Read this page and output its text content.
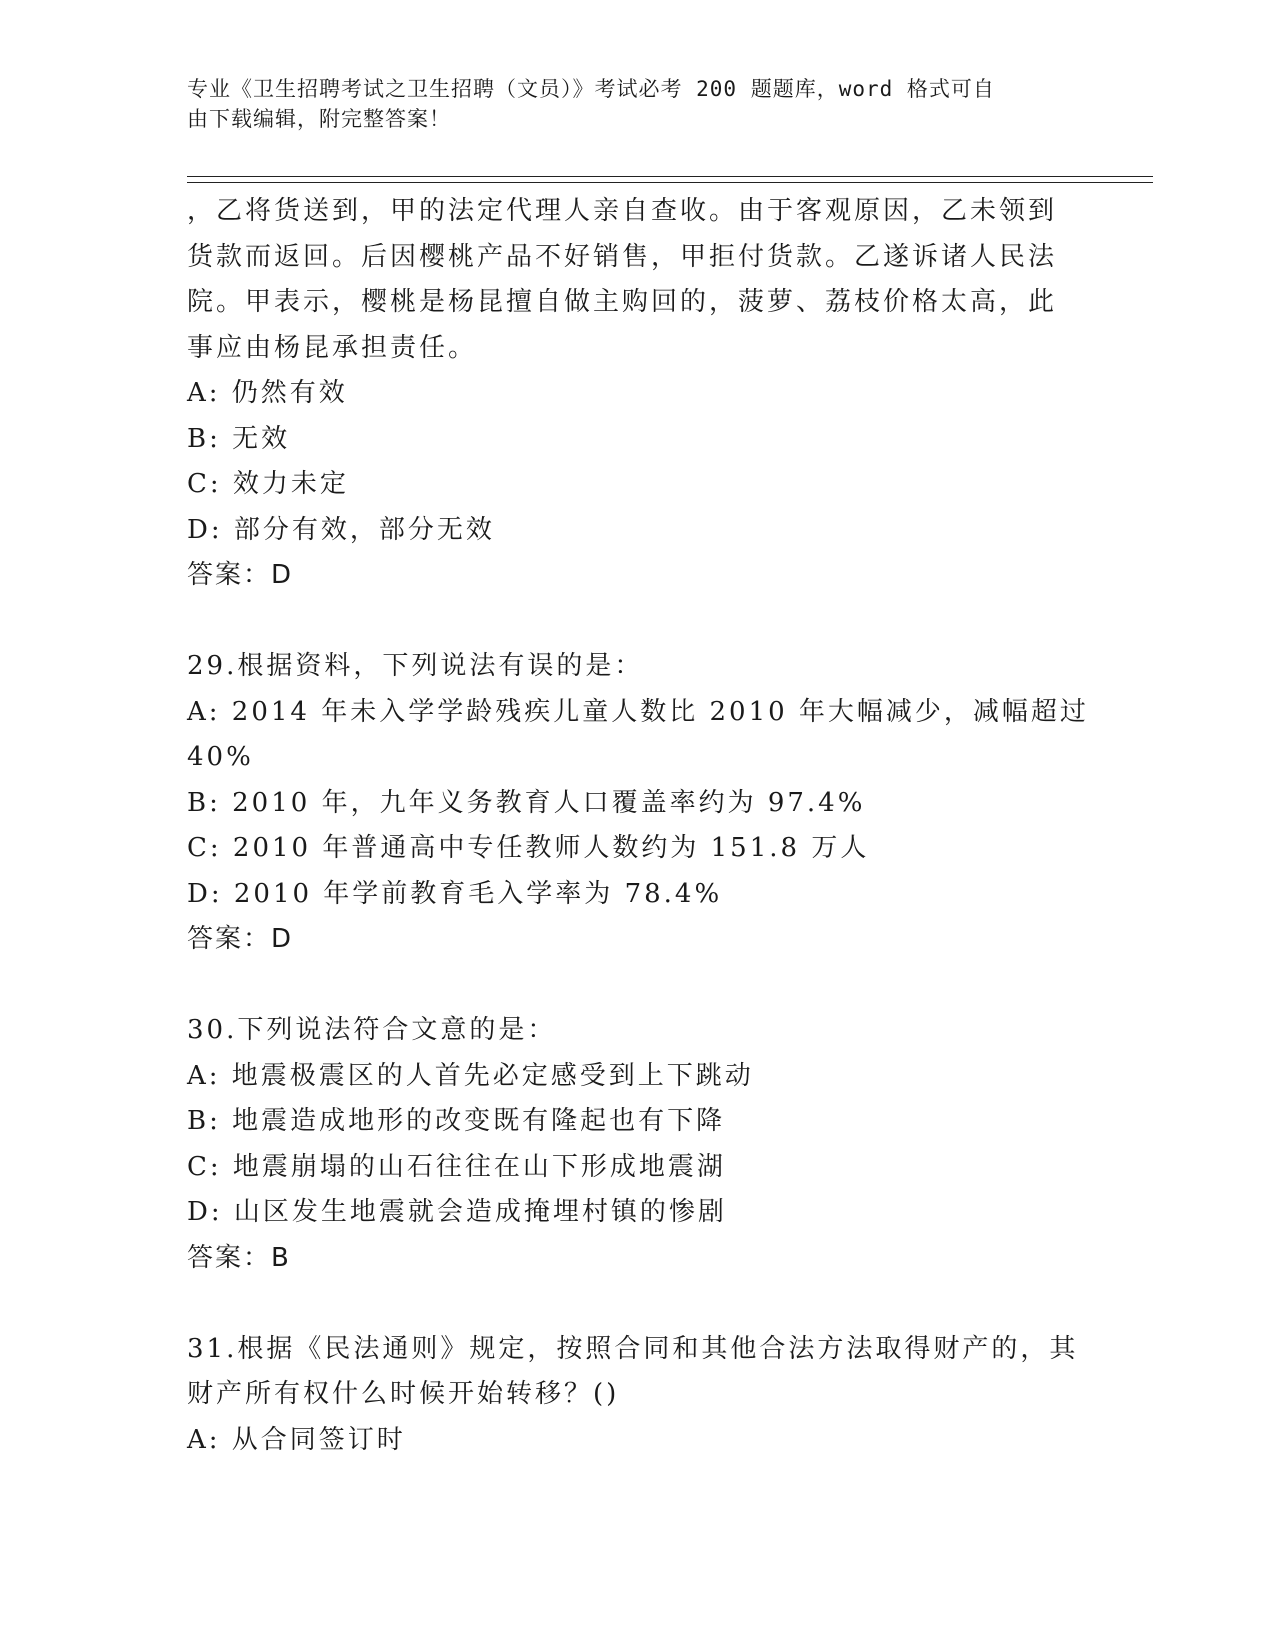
专业《卫生招聘考试之卫生招聘（文员）》考试必考 200 题题库，word 格式可自
由下载编辑，附完整答案！
，乙将货送到，甲的法定代理人亲自查收。由于客观原因，乙未领到
货款而返回。后因樱桃产品不好销售，甲拒付货款。乙遂诉诸人民法
院。甲表示，樱桃是杨昆擅自做主购回的，菠萝、荔枝价格太高，此
事应由杨昆承担责任。
A: 仍然有效
B: 无效
C: 效力未定
D: 部分有效，部分无效
答案：D
29.根据资料，下列说法有误的是：
A: 2014 年未入学学龄残疾儿童人数比 2010 年大幅减少，减幅超过
40%
B: 2010 年，九年义务教育人口覆盖率约为 97.4%
C: 2010 年普通高中专任教师人数约为 151.8 万人
D: 2010 年学前教育毛入学率为 78.4%
答案：D
30.下列说法符合文意的是：
A: 地震极震区的人首先必定感受到上下跳动
B: 地震造成地形的改变既有隆起也有下降
C: 地震崩塌的山石往往在山下形成地震湖
D: 山区发生地震就会造成掩埋村镇的惨剧
答案：B
31.根据《民法通则》规定，按照合同和其他合法方法取得财产的，其
财产所有权什么时候开始转移？()
A: 从合同签订时
